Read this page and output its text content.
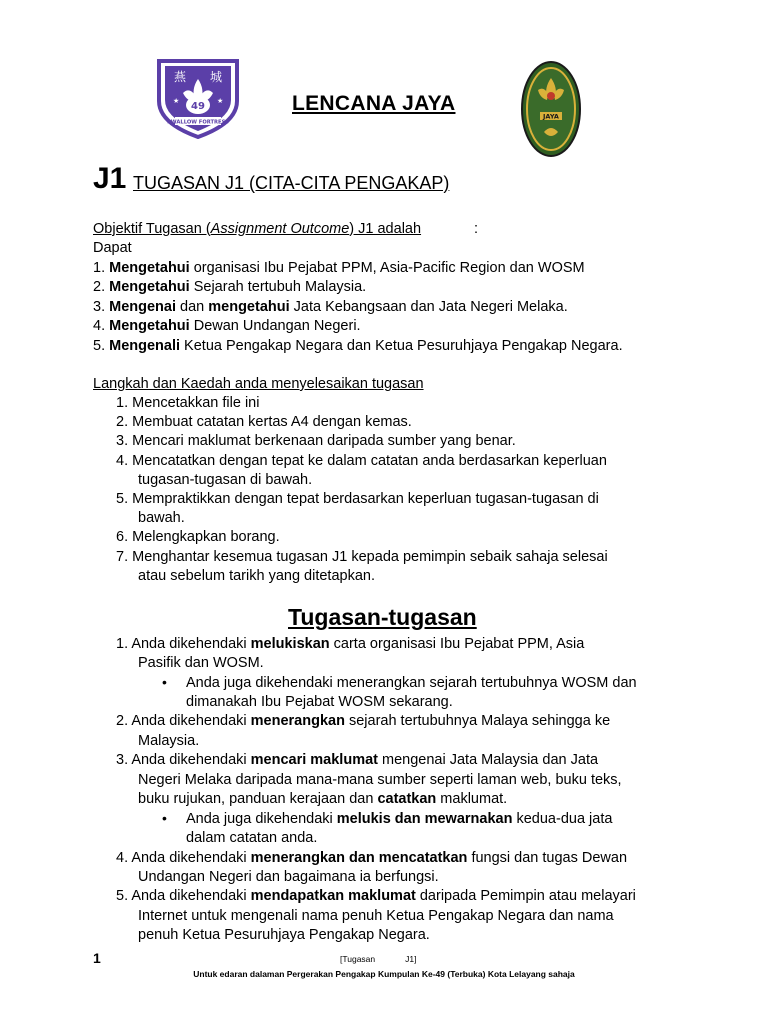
燕 城
49
★	★
SWALLOW FORTRESS
LENCANA JAYA
JAYA
J1 TUGASAN J1 (CITA-CITA PENGAKAP)
Objektif Tugasan (Assignment Outcome) J1 adalah	:
Dapat
1. Mengetahui organisasi Ibu Pejabat PPM, Asia-Pacific Region dan WOSM
2. Mengetahui Sejarah tertubuh Malaysia.
3. Mengenai dan mengetahui Jata Kebangsaan dan Jata Negeri Melaka.
4. Mengetahui Dewan Undangan Negeri.
5. Mengenali Ketua Pengakap Negara dan Ketua Pesuruhjaya Pengakap Negara.
Langkah dan Kaedah anda menyelesaikan tugasan
1. Mencetakkan file ini
2. Membuat catatan kertas A4 dengan kemas.
3. Mencari maklumat berkenaan daripada sumber yang benar.
4. Mencatatkan dengan tepat ke dalam catatan anda berdasarkan keperluan
tugasan-tugasan di bawah.
5. Mempraktikkan dengan tepat berdasarkan keperluan tugasan-tugasan di
bawah.
6. Melengkapkan borang.
7. Menghantar kesemua tugasan J1 kepada pemimpin sebaik sahaja selesai
atau sebelum tarikh yang ditetapkan.
Tugasan-tugasan
1. Anda dikehendaki melukiskan carta organisasi Ibu Pejabat PPM, Asia
Pasifik dan WOSM.
• Anda juga dikehendaki menerangkan sejarah tertubuhnya WOSM dan
dimanakah Ibu Pejabat WOSM sekarang.
2. Anda dikehendaki menerangkan sejarah tertubuhnya Malaya sehingga ke
Malaysia.
3. Anda dikehendaki mencari maklumat mengenai Jata Malaysia dan Jata
Negeri Melaka daripada mana-mana sumber seperti laman web, buku teks,
buku rujukan, panduan kerajaan dan catatkan maklumat.
• Anda juga dikehendaki melukis dan mewarnakan kedua-dua jata
dalam catatan anda.
4. Anda dikehendaki menerangkan dan mencatatkan fungsi dan tugas Dewan
Undangan Negeri dan bagaimana ia berfungsi.
5. Anda dikehendaki mendapatkan maklumat daripada Pemimpin atau melayari
Internet untuk mengenali nama penuh Ketua Pengakap Negara dan nama
penuh Ketua Pesuruhjaya Pengakap Negara.
1	[Tugasan	J1]
Untuk edaran dalaman Pergerakan Pengakap Kumpulan Ke-49 (Terbuka) Kota Lelayang sahaja
